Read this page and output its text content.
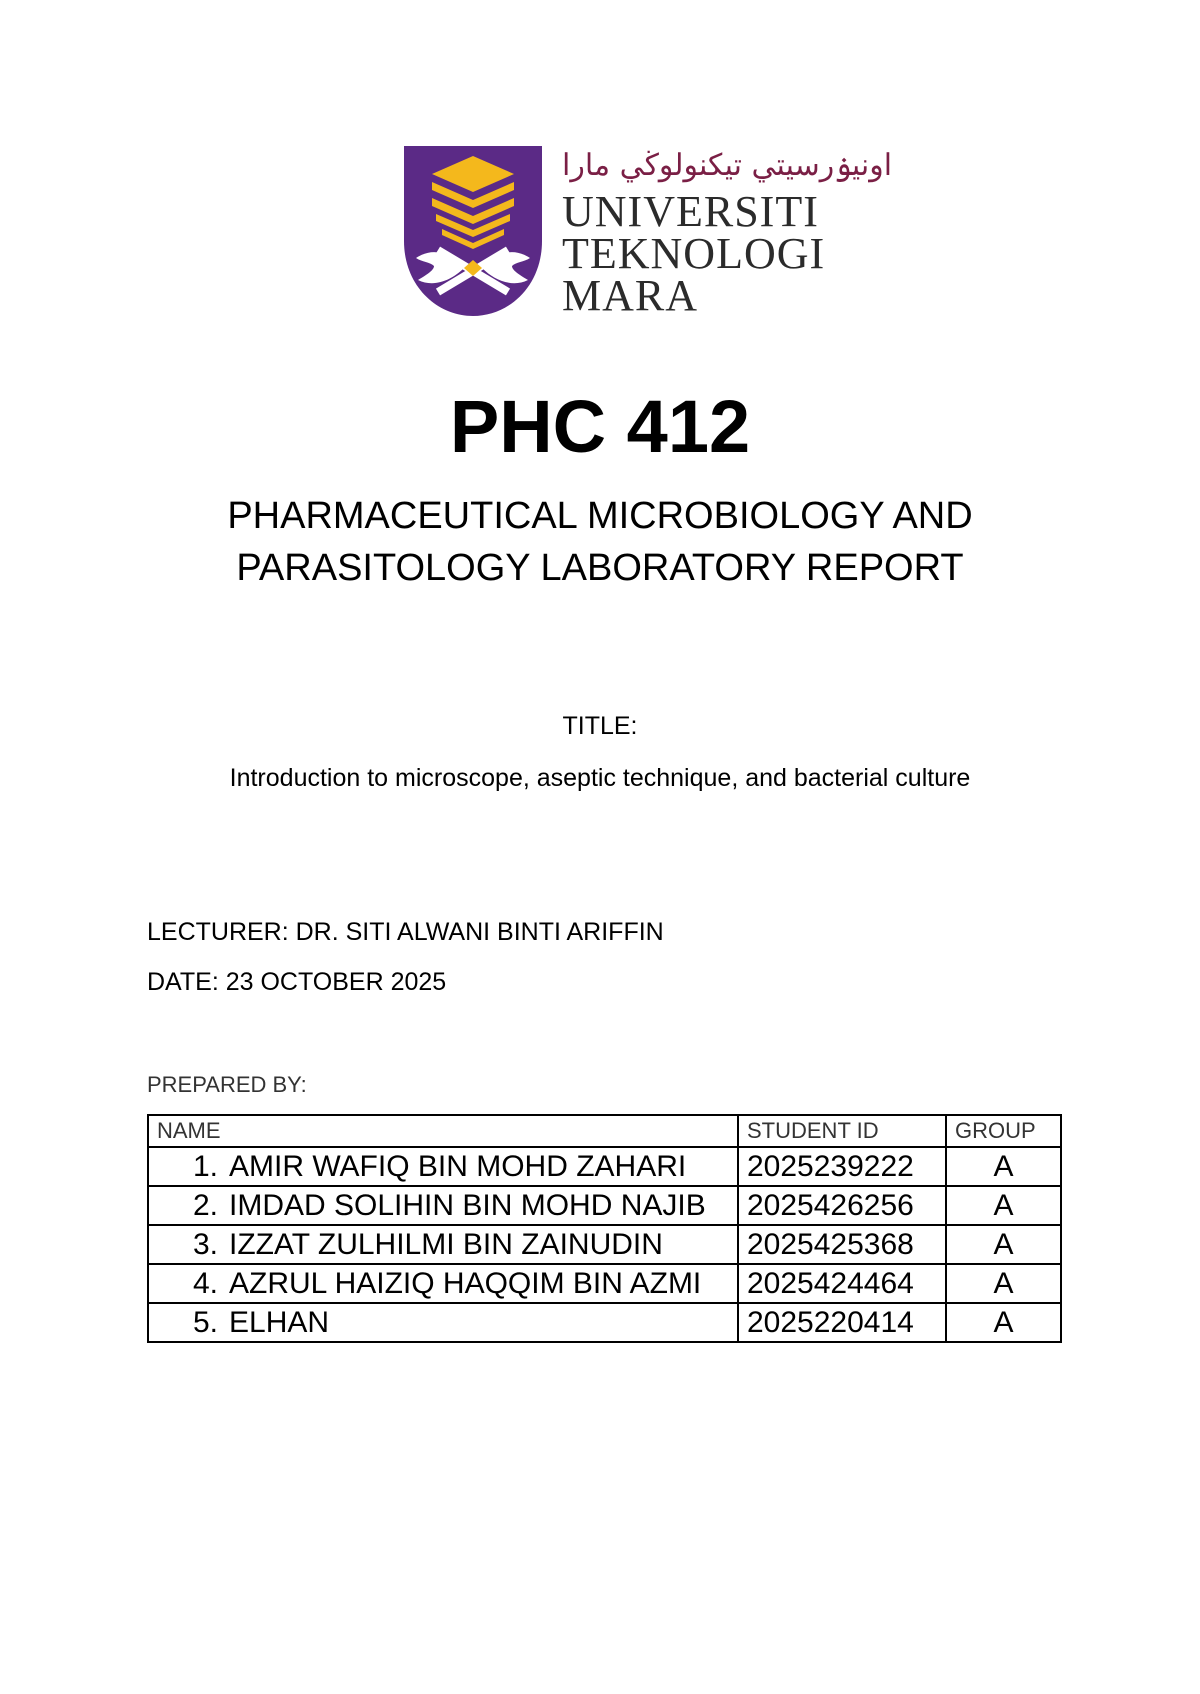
اونيۏرسيتي تيكنولوڬي مارا
UNIVERSITI
TEKNOLOGI
MARA
PHC 412
PHARMACEUTICAL MICROBIOLOGY AND
PARASITOLOGY LABORATORY REPORT
TITLE:
Introduction to microscope, aseptic technique, and bacterial culture
LECTURER: DR. SITI ALWANI BINTI ARIFFIN
DATE: 23 OCTOBER 2025
PREPARED BY:
NAME	STUDENT ID	GROUP

1. AMIR WAFIQ BIN MOHD ZAHARI	2025239222	A

2. IMDAD SOLIHIN BIN MOHD NAJIB	2025426256	A

3. IZZAT ZULHILMI BIN ZAINUDIN	2025425368	A

4. AZRUL HAIZIQ HAQQIM BIN AZMI	2025424464	A

5. ELHAN	2025220414	A
